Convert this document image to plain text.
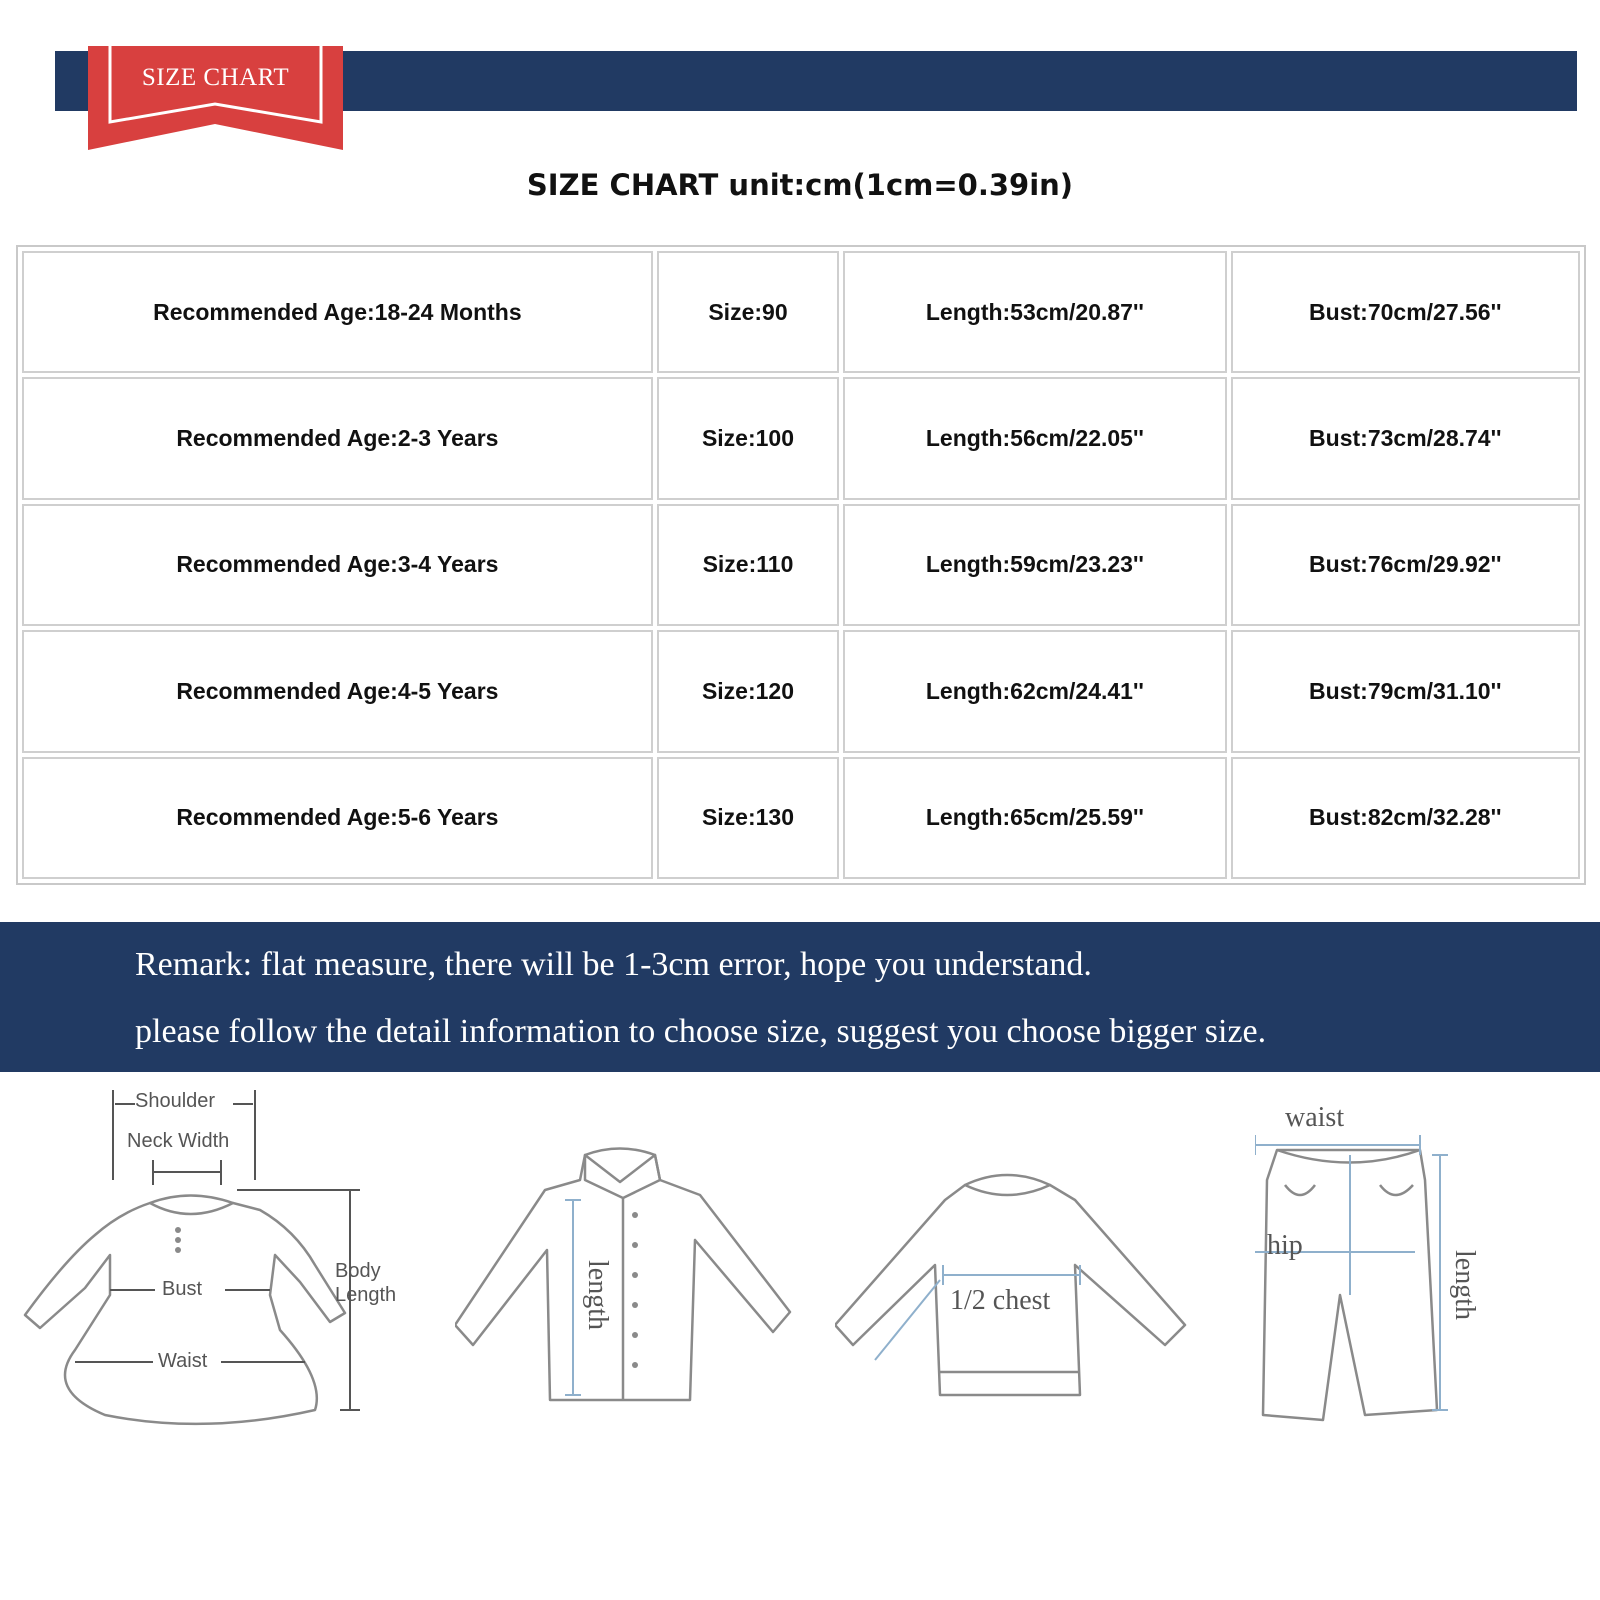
SIZE CHART
SIZE CHART unit:cm(1cm=0.39in)
Recommended Age:18-24 Months	Size:90	Length:53cm/20.87''	Bust:70cm/27.56''
Recommended Age:2-3 Years	Size:100	Length:56cm/22.05''	Bust:73cm/28.74''
Recommended Age:3-4 Years	Size:110	Length:59cm/23.23''	Bust:76cm/29.92''
Recommended Age:4-5 Years	Size:120	Length:62cm/24.41''	Bust:79cm/31.10''
Recommended Age:5-6 Years	Size:130	Length:65cm/25.59''	Bust:82cm/32.28''
Remark: flat measure, there will be 1-3cm error, hope you understand.
please follow the detail information to choose size, suggest you choose bigger size.
Shoulder
Neck Width
Bust
Waist
Body
Length	length	1/2 chest
waist
hip
length
